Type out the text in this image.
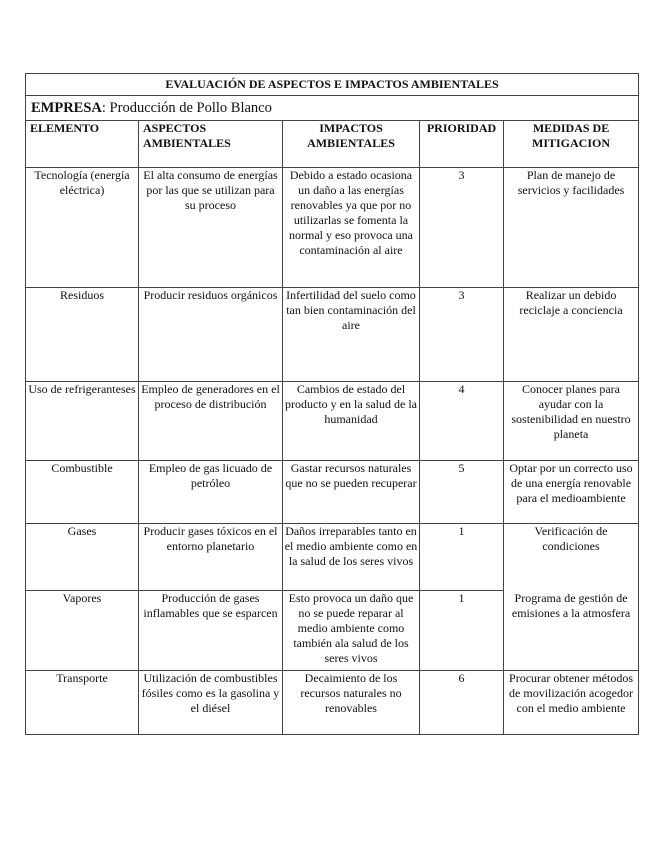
EVALUACIÓN DE ASPECTOS E IMPACTOS AMBIENTALES				
EMPRESA: Producción de Pollo Blanco				
ELEMENTO	ASPECTOS AMBIENTALES	IMPACTOS AMBIENTALES	PRIORIDAD	MEDIDAS DE MITIGACION
Tecnología (energía eléctrica)	El alta consumo de energías por las que se utilizan para su proceso	Debido a estado ocasiona un daño a las energías renovables ya que por no utilizarlas se fomenta la normal y eso provoca una contaminación al aire	3	Plan de manejo de servicios y facilidades
Residuos	Producir residuos orgánicos	Infertilidad del suelo como tan bien contaminación del aire	3	Realizar un debido reciclaje a conciencia
Uso de refrigeranteses	Empleo de generadores en el proceso de distribución	Cambios de estado del producto y en la salud de la humanidad	4	Conocer planes para ayudar con la sostenibilidad en nuestro planeta
Combustible	Empleo de gas licuado de petróleo	Gastar recursos naturales que no se pueden recuperar	5	Optar por un correcto uso de una energía renovable para el medioambiente
Gases	Producir gases tóxicos en el entorno planetario	Daños irreparables tanto en el medio ambiente como en la salud de los seres vivos	1	Verificación de condiciones
Vapores	Producción de gases inflamables que se esparcen	Esto provoca un daño que no se puede reparar al medio ambiente como también ala salud de los seres vivos	1	Programa de gestión de emisiones a la atmosfera
Transporte	Utilización de combustibles fósiles como es la gasolina y el diésel	Decaimiento de los recursos naturales no renovables	6	Procurar obtener métodos de movilización acogedor con el medio ambiente
